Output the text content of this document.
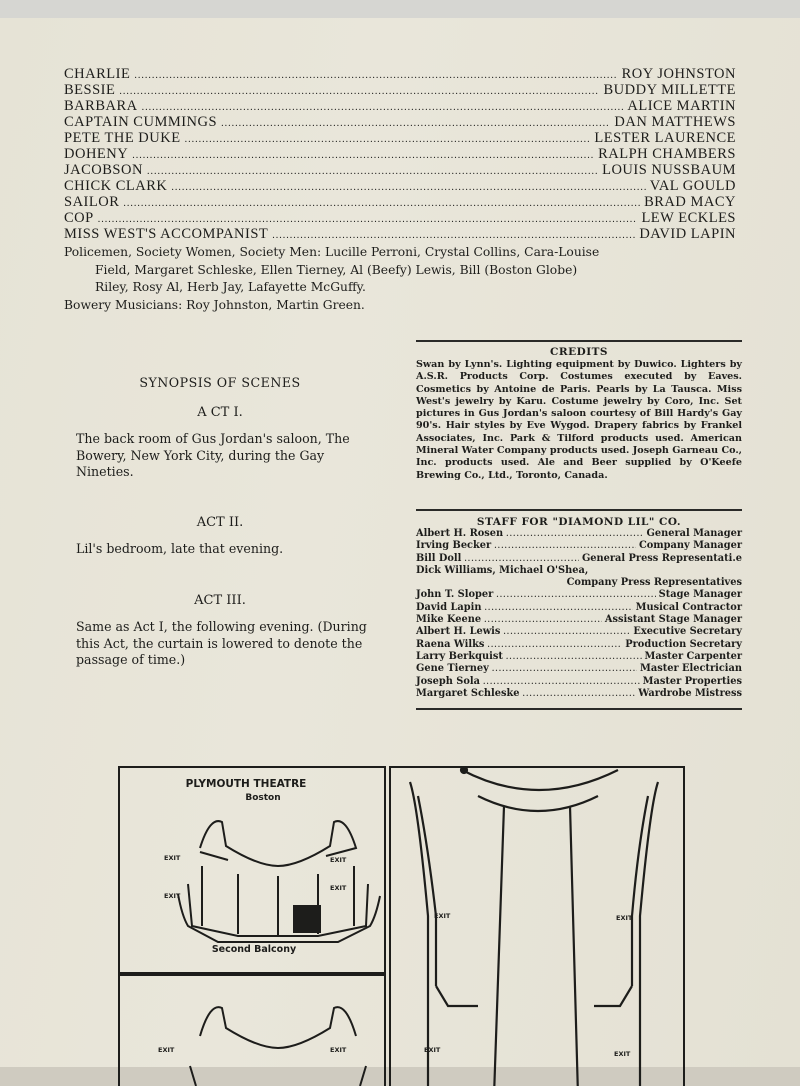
CHARLIE .....	ROY JOHNSTON
BESSIE .....	BUDDY MILLETTE
BARBARA .....	ALICE MARTIN
CAPTAIN CUMMINGS .....	DAN MATTHEWS
PETE THE DUKE .....	LESTER LAURENCE
DOHENY .....	RALPH CHAMBERS
JACOBSON .....	LOUIS NUSSBAUM
CHICK CLARK .....	VAL GOULD
SAILOR .....	BRAD MACY
COP .....	LEW ECKLES
MISS WEST'S ACCOMPANIST .....	DAVID LAPIN
Policemen, Society Women, Society Men: Lucille Perroni, Crystal Collins, Cara-Louise
Field, Margaret Schleske, Ellen Tierney, Al (Beefy) Lewis, Bill (Boston Globe)
Riley, Rosy Al, Herb Jay, Lafayette McGuffy.
Bowery Musicians: Roy Johnston, Martin Green.
SYNOPSIS OF SCENES
A CT I.
The back room of Gus Jordan's saloon, The Bowery, New York City, during the Gay Nineties.
ACT II.
Lil's bedroom, late that evening.
ACT III.
Same as Act I, the following evening. (During this Act, the curtain is lowered to denote the passage of time.)
CREDITS

Swan by Lynn's. Lighting equipment by Duwico. Lighters by A.S.R. Products Corp. Costumes executed by Eaves. Cosmetics by Antoine de Paris. Pearls by La Tausca. Miss West's jewelry by Karu. Costume jewelry by Coro, Inc. Set pictures in Gus Jordan's saloon courtesy of Bill Hardy's Gay 90's. Hair styles by Eve Wygod. Drapery fabrics by Frankel Associates, Inc. Park & Tilford products used. American Mineral Water Company products used. Joseph Garneau Co., Inc. products used. Ale and Beer supplied by O'Keefe Brewing Co., Ltd., Toronto, Canada.

STAFF FOR "DIAMOND LIL" CO.
Albert H. Rosen .....	General Manager
Irving Becker .....	Company Manager
Bill Doll .....	General Press Representati.e
Dick Williams, Michael O'Shea,
Company Press Representatives
John T. Sloper .....	Stage Manager
David Lapin .....	Musical Contractor
Mike Keene .....	Assistant Stage Manager
Albert H. Lewis .....	Executive Secretary
Raena Wilks .....	Production Secretary
Larry Berkquist .....	Master Carpenter
Gene Tierney .....	Master Electrician
Joseph Sola .....	Master Properties
Margaret Schleske .....	Wardrobe Mistress
EXIT	EXIT
EXIT
EXIT
PLYMOUTH THEATRE
Boston
Second Balcony
EXIT	EXIT
EXIT	EXIT
EXIT	EXIT
